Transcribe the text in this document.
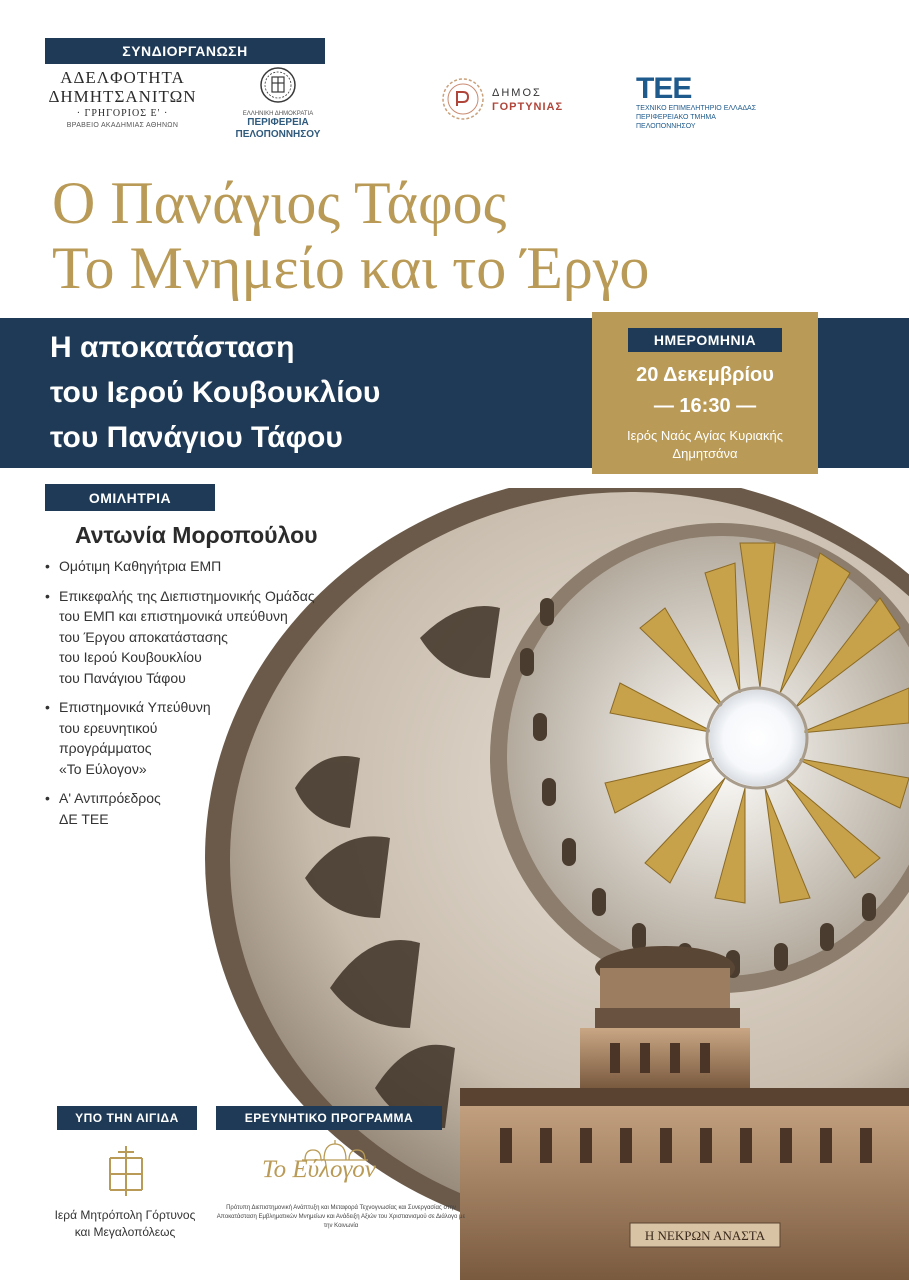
ΣΥΝΔΙΟΡΓΑΝΩΣΗ
ΑΔΕΛΦΟΤΗΤΑ
ΔΗΜΗΤΣΑΝΙΤΩΝ
· ΓΡΗΓΟΡΙΟΣ Ε' ·
ΒΡΑΒΕΙΟ ΑΚΑΔΗΜΙΑΣ ΑΘΗΝΩΝ
ΕΛΛΗΝΙΚΗ ΔΗΜΟΚΡΑΤΙΑ
ΠΕΡΙΦΕΡΕΙΑ
ΠΕΛΟΠΟΝΝΗΣΟΥ
ΔΗΜΟΣ
ΓΟΡΤΥΝΙΑΣ
ΤΕΕ
ΤΕΧΝΙΚΟ ΕΠΙΜΕΛΗΤΗΡΙΟ ΕΛΛΑΔΑΣ
ΠΕΡΙΦΕΡΕΙΑΚΟ ΤΜΗΜΑ ΠΕΛΟΠΟΝΝΗΣΟΥ
Ο Πανάγιος Τάφος
Το Μνημείο και το Έργο
Η αποκατάσταση
του Ιερού Κουβουκλίου
του Πανάγιου Τάφου
ΗΜΕΡΟΜΗΝΙΑ
20 Δεκεμβρίου
— 16:30 —
Ιερός Ναός Αγίας Κυριακής
Δημητσάνα
Η ΝΕΚΡΩΝ ΑΝΑΣΤΑ
ΟΜΙΛΗΤΡΙΑ
Αντωνία Μοροπούλου
• Ομότιμη Καθηγήτρια ΕΜΠ
• Επικεφαλής της Διεπιστημονικής Ομάδας
του ΕΜΠ και επιστημονικά υπεύθυνη
του Έργου αποκατάστασης
του Ιερού Κουβουκλίου
του Πανάγιου Τάφου
• Επιστημονικά Υπεύθυνη
του ερευνητικού
προγράμματος
«Το Εύλογον»
• Α' Αντιπρόεδρος
ΔΕ ΤΕΕ
ΥΠΟ ΤΗΝ ΑΙΓΙΔΑ
Ιερά Μητρόπολη Γόρτυνος
και Μεγαλοπόλεως
ΕΡΕΥΝΗΤΙΚΟ ΠΡΟΓΡΑΜΜΑ
Το Εύλογον
Πρότυπη Διεπιστημονική Ανάπτυξη και Μεταφορά Τεχνογνωσίας και Συνεργασίας στην Αποκατάσταση Εμβληματικών Μνημείων και Ανάδειξη Αξιών του Χριστιανισμού σε Διάλογο με την Κοινωνία
